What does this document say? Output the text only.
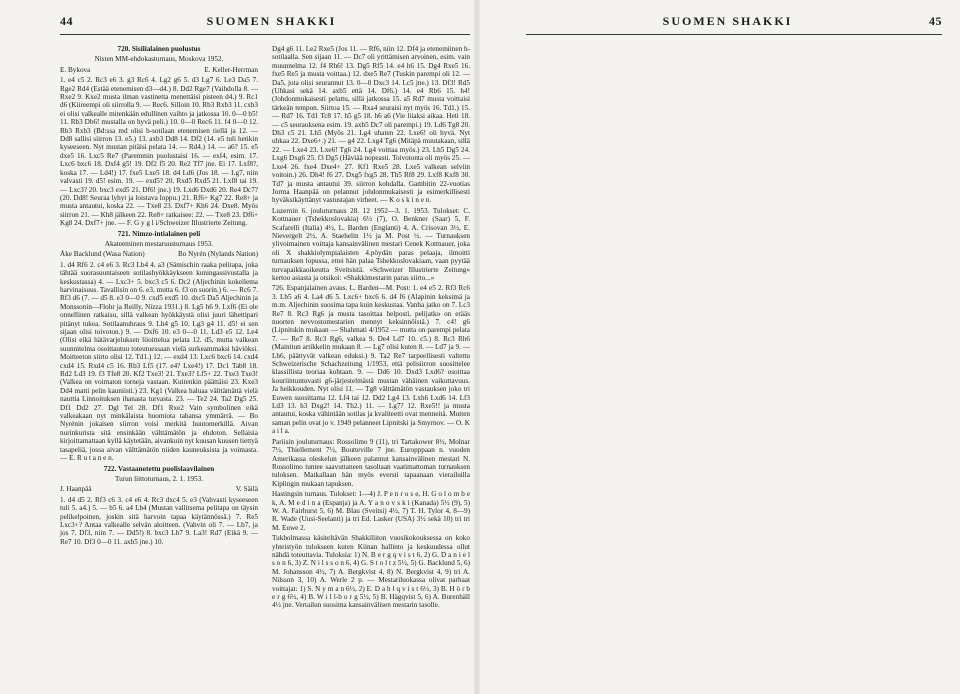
44	SUOMEN SHAKKI

720. Sisilialainen puolustus

Nisten MM-ehdokasturnaus, Moskova 1952.

E. Bykova	E. Keller-Herrman

1. e4 c5 2. Rc3 e6 3. g3 Rc6 4. Lg2 g6 5. d3 Lg7 6. Le3 Da5 7. Rge2 Rd4 (Estää etenemisen d3—d4.) 8. Dd2 Rge7 (Vaihdolla 8. — Rxe2 9. Kxe2 musta ilman vastinetta menettäisi pisteen d4.) 9. Rc1 d6 (Kiireempi oli siirrolla 9. — Rec6. Silloin 10. Rb3 Rxb3 11. cxb3 ei olisi valkealle mitenkään edullinen vaihto ja jatkossa 10. 0—0 b5! 11. Rb3 Db6! mustalla on hyvä peli.) 10. 0—0 Rec6 11. f4 0—0 12. Rb3 Rxb3 (Bd:ssa md olisi b-sotilaan etenemisen tiellä ja 12. — Dd8 sallisi siirron 13. e5.) 13. axb3 Dd8 14. Df2 (14. e5 tuli hetikin kyseeseen. Nyt mustan pitäisi pelata 14. — Rd4.) 14. — a6? 15. e5 dxe5 16. Lxc5 Re7 (Paremmin puolustaisi 16. — exf4, esim. 17. Lxc6 bxc6 18. Dxf4 g5! 19. Df2 f5 20. Re2 Tf7 jne. Ei 17. Lxf8?, koska 17. — Ld4!) 17. fxe5 Lxe5 18. d4 Ld6 (Jos 18. — Lg7, niin valvasti 19. d5! esim. 19. — exd5? 20. Rxd5 Rxd5 21. Lxf8 tai 19. — Lxc3? 20. bxc3 exd5 21. Df6! jne.) 19. Lxd6 Dxd6 20. Re4 Dc7? (20. Dd8! Seuraa lyhyt ja loistava loppu.) 21. Rf6+ Kg7 22. Re8+ ja musta antautui, koska 22. — Txe8 23. Dxf7+ Kh6 24. Dxe8. Myös siirron 21. — Kh8 jälkeen 22. Re8+ ratkaisee: 22. — Txe8 23. Df6+ Kg8 24. Dxf7+ jne. — F. G y g l i/Schweizer Illustrierte Zeitung.

721. Nimzo-intialainen peli

Akateeminen mestaruusturnaus 1953.

Åke Backlund (Wasa Nation)	Bo Nyrén (Nylands Nation)

1. d4 Rf6 2. c4 e6 3. Rc3 Lb4 4. a3 (Sämischin raaka pelitapa, joka tähtää suorasuuntaiseen sotilashyökkäykseen kuningassivustalla ja keskustassa) 4. — Lxc3+ 5. bxc3 c5 6. Dc2 (Aljechinin kokeilema harvinaisuus. Tavallisin on 6. e3, mutta 6. f3 on suorin.) 6. — Rc6 7. Rf3 d6 (7. — d5 8. e3 0—0 9. cxd5 exd5 10. dxc5 Da5 Aljechinin ja Monssonin—Flohr ja Reilly, Nizza 1931.) 8. Lg5 h6 9. Lxf6 (Ei ole onnellinen ratkaisu, sillä valkean hyökkäystä olisi juuri lähettipari pitänyt tukea. Sotilaanuhraus 9. Lh4 g5 10. Lg3 g4 11. d5! ei sen sijaan olisi toivoton.) 9. — Dxf6 10. e3 0—0 11. Ld3 e5 12. Le4 (Olisi eikä hätävarjeluksen liioittelua pelata 12. d5, mutta valkean suunnitelma osoittautuu toteutuessaan vielä surkeammaksi häviöksi. Moitteeton siirto olisi 12. Td1.) 12. — exd4 13. Lxc6 bxc6 14. cxd4 cxd4 15. Rxd4 c5 16. Rb3 Lf5 (17. e4? Lxe4!) 17. Dc1 Tab8 18. Rd2 Ld3 19. f3 Tfe8 20. Kf2 Txe3! 21. Txe3? Lf5+ 22. Txe3 Txe3! (Valkea on voimaton torneja vastaan. Kuitenkin päättäisi 23. Kxe3 Dd4 matti pelin kauniisti.) 23. Kg1 (Valkea haluaa välttämättä vielä nauttia Linnoituksen ihanasta turvasta. 23. — Te2 24. Ta2 Dg5 25. Df1 Dd2 27. Dgl Tel 28. Df1 Rxe2 Vain symbolinen eikä valkeakaan nyt minkälaista huomiota tahansa ymmärrä. — Bo Nyrénin jokaisen siirron voisi merkitä huutomerkillä. Aivan nurinkurista sitä ensinkään välttämätön ja ehdoton. Sellaisia kirjoittamattaan kyllä käytetään, aivankuin nyt kuusan kuusen tiettyä tasapeliä, jossa aivan välttämätön niiden kauneuksista ja voimasta. — E. R u t a n e n.

722. Vastaanotettu puolislaavilainen

Turun liittoturnaus, 2. 1. 1953.

J. Haanpää	V. Säilä

1. d4 d5 2. Rf3 c6 3. c4 e6 4. Rc3 dxc4 5. e3 (Vahvasti kyseeseen tuli 5. a4.) 5. — b5 6. a4 Lb4 (Mustan vallitsema pelitapa on täysin pelikelpoinen, joskin sitä harvoin tapaa käytännössä.) 7. Re5 Lxc3+? Antaa valkealle selvän aloitteen. (Vahvin oli 7. — Lb7, ja jos 7. Df3, niin 7. — Dd5!) 8. bxc3 Lb7 9. La3! Rd7 (Eikä 9. — Re7 10. Df3 0—0 11. axb5 jne.) 10.

Dg4 g6 11. Le2 Rxe5 (Jos 11. — Rf6, niin 12. Df4 ja etenemiinen h-sotilaalla. Sen sijaan 11. — Dc7 oli yrittämisen arvoinen, esim. vain muunnelma 12. f4 Rh6! 13. Dg5 Rf5 14. e4 h6 15. Dg4 Rxe5 16. fxe5 Re5 ja musta voittaa.) 12. dxe5 Re7 (Tuskin parempi oli 12. — Da5, jota olisi seurannut 13. 0—0 Dxc3 14. Lc5 jne.) 13. Df3! Rd5 (Uhkasi sekä 14. axb5 että 14. Df6.) 14. e4 Rb6 15. h4! (Johdonmukaisesti pelattu, sillä jatkossa 15. a5 Rd7 musta voittaisi tärkeän tempon. Siirtoa 15. — Rxa4 seuraisi nyt myös 16. Td1.) 15. — Rd7 16. Td1 Tc8 17. h5 g5 18. h6 a6 (Vie liiaksi aikaa. Heti 18. — c5 seurauksena esim. 19. axb5 Dc7 oli parempi.) 19. Ld6 Tg8 20. Dh3 c5 21. Lh5 (Myös 21. Lg4 uhaten 22. Lxe6! oli hyvä. Nyt uhkaa 22. Dxe6+.) 21. — g4 22. Lxg4 Tg6 (Mitäpä muutakaan, sillä 22. — Lxe4 23. Lxe6! Tg6 24. Lg4 voittaa myös.) 23. Lh5 Dg5 24. Lxg6 Dxg6 25. f3 Dg5 (Häviää nopeasti. Toivotonta oli myös 25. — Lxe4 26. fxe4 Dxe4+ 27. Kf1 Rxe5 28. Lxe5 valkean selviin voitoin.) 26. Dh4! f6 27. Dxg5 fxg5 28. Th5 Rf8 29. Lxf8 Kxf8 30. Td7 ja musta antautui 39. siirron kohdalla. Gambitin 22-vuotias Jorma Haanpää on pelannut johdonmukaisesti ja esimerkillisesti hyväksikäyttänyt vastustajan virheet. — K o s k i n e n.

Luzernin 6. jouluturnaus 28. 12 1952—3. 1. 1953. Tulokset: C. Kottnauer (Tshekkoslovakia) 6½ (7), O. Benkner (Saar) 5, F. Scafarelli (Italia) 4½, L. Barden (Englanti) 4, A. Crisovan 3½, E. Nievergelt 2½, A. Staehelin 1½ ja M. Post ½. — Turnauksen ylivoimainen voittaja kansainvälinen mestari Cenek Kottnauer, joka oli X shakkiolympialaisten 4.pöydän paras pelaaja, ilmoitti turnauksen lopussa, ettei hän palaa Tshekkoslovakiaan, vaan pyytää turvapaikkaoikeutta Sveitsistä. »Schweizer Illustrierte Zeitung« kertoo asiasta ja otsikoi: «Shakkimestarin paras siirto...»

726. Espanjalainen avaus. L. Barden—M. Post: 1. e4 e5 2. Rf3 Rc6 3. Lb5 a6 4. La4 d6 5. Lxc6+ bxc6 6. d4 f6 (Alapinin keksimä ja m.m. Aljechinin suosima tapa kuin keskustaa. Vanha jatko on 7. Lc3 Re7 8. Rc3 Rg6 ja musta tasoittaa helposti, pelijatko on erääs nuorten nevvostomestarien mennyt keksinnöistä.) 7. c4! g6 (Lipnitskin mukaan — Shahmati 4/1952 — mutta on parempi pelata 7. — Re7 8. Rc3 Rg6, valkea 9. De4 Ld7 10. c5.) 8. Rc3 Rh6 (Mainitun artikkelin mukaan 8. — Lg7 olisi kuten 8. — Ld7 ja 9. — Lh6, päättyvät valkean eduksi.) 9. Ta2 Re7 tarpeellisesti valtettu Schweizerische Schachzeitung 1/1953, että pelisiirron suosittelee klassillista teoriaa kohtaan. 9. — Dd6 10. Dxd3 Lxd6? osoittaa kouriintuntuvasti g6-järjestelmästä mustan vähäinen vaikuttavuus. Ja heikkouden. Nyt olisi 11. — Tg8 välttämätön vastauksen joko tri Euwen suosittama 12. Lf4 tai 12. Dd2 Lg4 13. Lxh6 Lxd6 14. Lf3 Ld3 13. h3 Dxg2! 14. Th2.) 11. — Lg7? 12. Rxe5!! ja musta antautui, koska vähintään sotilas ja kvaliteetti ovat menneitä. Mutten saman pelin ovat jo v. 1949 pelanneet Lipnitski ja Smyrnov. — O. K a i l a.

Pariisin jouluturnaus: Rossolimo 9 (11), tri Tartakower 8½, Molnar 7½, Thiellement 7½, Boutteville 7 jne. Europppaan n. vuoden Amerikassa oleskelun jälkeen palannut kansainvälinen mestari N. Rossolimo tuntee saavuttaneen tasoltaan vaatimattoman turnauksen tuloksen. Matkallaan hän myös eversti tapaanaan vierailuilla Kiplingin mukaan tapuksen.

Hastingsin turnaus. Tulokset: 1—4) J. P e n r o s e, H. G o l o m b e k, A. M e d i n a (Espanja) ja A. Y a n o v s k i (Kanada) 5½ (9), 5) W. A. Fairhurst 5, 6) M. Blau (Sveitsi) 4½, 7) T. H. Tylor 4, 8—9) R. Wade (Uusi-Seelanti) ja tri Ed. Lasker (USA) 3½ sekä 10) tri tri M. Euwe 2.

Tukholmassa käsiteltävän Shakkiliiton vuosikokouksessa on koko yhteistyön tulokseen kuten Kiinan hallinto ja keskuudessa ollut nähdä toteuttavia. Tuloksia: 1) N. B e r g q v i s t 6, 2) G. D a n i e l s o n 6, 3) Z. N i l s s o n 6, 4) G. S t o l t z 5½, 5) G. Backlund 5, 6) M. Johansson 4½, 7) A. Bergkvist 4, 8) N. Bergkvist 4, 9) tri A. Nilsson 3, 10) A. Werle 2 p. — Mestariluokassa olivat parhaat voittajat: 1) S. N y m a n 6½, 2) E. D a h l q v i s t 6½, 3) B. H ö r b e r g 6½, 4) B. W i l l-b o r g 5½, 5) B. Hägqvist 5, 6) A. Burenhäll 4½ jne. Vertailun suosima kansainvälisen mestarin tasolle.

SUOMEN SHAKKI	45
